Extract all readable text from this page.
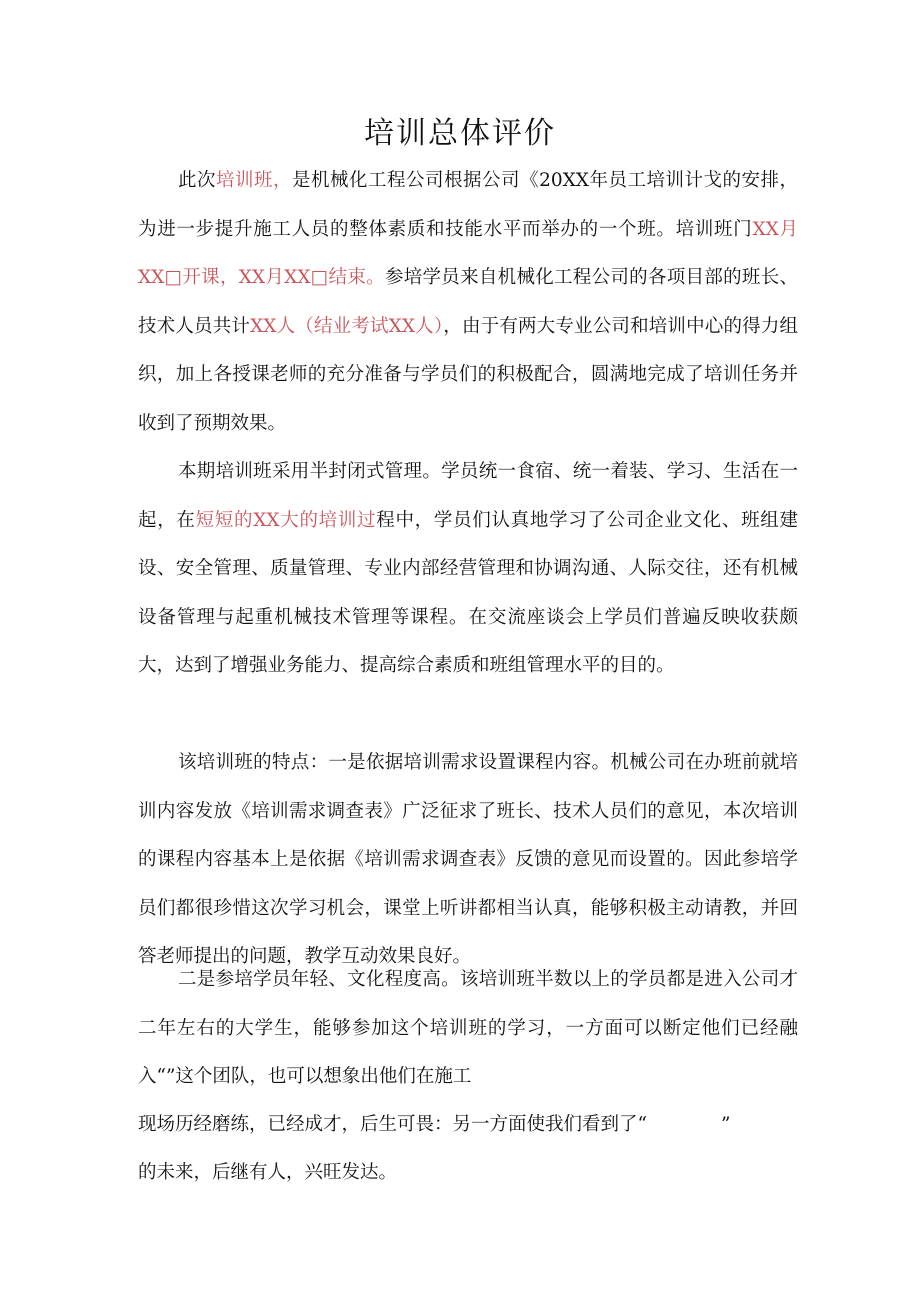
培训总体评价

此次培训班，是机械化工程公司根据公司《20XX年员工培训计戈的安排，为进一步提升施工人员的整体素质和技能水平而举办的一个班。培训班门XX月XX□开课，XX月XX□结束。参培学员来自机械化工程公司的各项目部的班长、技术人员共计XX人（结业考试XX人），由于有两大专业公司和培训中心的得力组织，加上各授课老师的充分准备与学员们的积极配合，圆满地完成了培训任务并收到了预期效果。

本期培训班采用半封闭式管理。学员统一食宿、统一着装、学习、生活在一起，在短短的XX大的培训过程中，学员们认真地学习了公司企业文化、班组建设、安全管理、质量管理、专业内部经营管理和协调沟通、人际交往，还有机械设备管理与起重机械技术管理等课程。在交流座谈会上学员们普遍反映收获颇大，达到了增强业务能力、提高综合素质和班组管理水平的目的。

该培训班的特点：一是依据培训需求设置课程内容。机械公司在办班前就培训内容发放《培训需求调查表》广泛征求了班长、技术人员们的意见，本次培训的课程内容基本上是依据《培训需求调查表》反馈的意见而设置的。因此参培学员们都很珍惜这次学习机会，课堂上听讲都相当认真，能够积极主动请教，并回答老师提出的问题，教学互动效果良好。

二是参培学员年轻、文化程度高。该培训班半数以上的学员都是进入公司才二年左右的大学生，能够参加这个培训班的学习，一方面可以断定他们已经融入“”这个团队，也可以想象出他们在施工

现场历经磨练，已经成才，后生可畏：另一方面使我们看到了“　　　　”

的未来，后继有人，兴旺发达。
